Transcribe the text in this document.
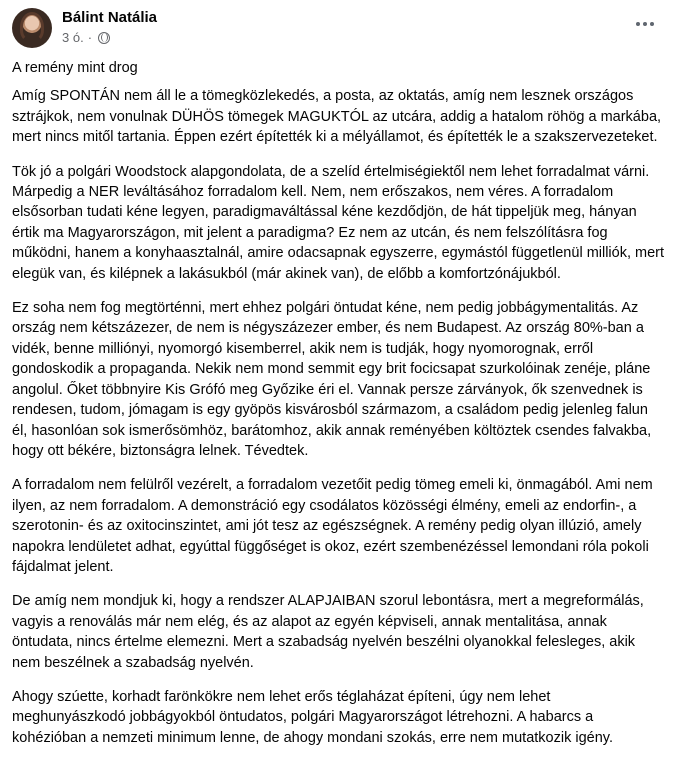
Bálint Natália
3 ó. ·

A remény mint drog

Amíg SPONTÁN nem áll le a tömegközlekedés, a posta, az oktatás, amíg nem lesznek országos sztrájkok, nem vonulnak DÜHÖS tömegek MAGUKTÓL az utcára, addig a hatalom röhög a markába, mert nincs mitől tartania. Éppen ezért építették ki a mélyállamot, és építették le a szakszervezeteket.

Tök jó a polgári Woodstock alapgondolata, de a szelíd értelmiségiektől nem lehet forradalmat várni. Márpedig a NER leváltásához forradalom kell. Nem, nem erőszakos, nem véres. A forradalom elsősorban tudati kéne legyen, paradigmaváltással kéne kezdődjön, de hát tippeljük meg, hányan értik ma Magyarországon, mit jelent a paradigma? Ez nem az utcán, és nem felszólításra fog működni, hanem a konyhaasztalnál, amire odacsapnak egyszerre, egymástól függetlenül milliók, mert elegük van, és kilépnek a lakásukból (már akinek van), de előbb a komfortzónájukból.

Ez soha nem fog megtörténni, mert ehhez polgári öntudat kéne, nem pedig jobbágymentalitás. Az ország nem kétszázezer, de nem is négyszázezer ember, és nem Budapest. Az ország 80%-ban a vidék, benne milliónyi, nyomorgó kisemberrel, akik nem is tudják, hogy nyomorognak, erről gondoskodik a propaganda. Nekik nem mond semmit egy brit focicsapat szurkolóinak zenéje, pláne angolul. Őket többnyire Kis Grófó meg Győzike éri el. Vannak persze zárványok, ők szenvednek is rendesen, tudom, jómagam is egy gyöpös kisvárosból származom, a családom pedig jelenleg falun él, hasonlóan sok ismerősömhöz, barátomhoz, akik annak reményében költöztek csendes falvakba, hogy ott békére, biztonságra lelnek. Tévedtek.

A forradalom nem felülről vezérelt, a forradalom vezetőit pedig tömeg emeli ki, önmagából. Ami nem ilyen, az nem forradalom. A demonstráció egy csodálatos közösségi élmény, emeli az endorfin-, a szerotonin- és az oxitocinszintet, ami jót tesz az egészségnek. A remény pedig olyan illúzió, amely napokra lendületet adhat, egyúttal függőséget is okoz, ezért szembenézéssel lemondani róla pokoli fájdalmat jelent.

De amíg nem mondjuk ki, hogy a rendszer ALAPJAIBAN szorul lebontásra, mert a megreformálás, vagyis a renoválás már nem elég, és az alapot az egyén képviseli, annak mentalitása, annak öntudata, nincs értelme elemezni. Mert a szabadság nyelvén beszélni olyanokkal felesleges, akik nem beszélnek a szabadság nyelvén.

Ahogy szúette, korhadt farönkökre nem lehet erős téglaházat építeni, úgy nem lehet meghunyászkodó jobbágyokból öntudatos, polgári Magyarországot létrehozni. A habarcs a kohézióban a nemzeti minimum lenne, de ahogy mondani szokás, erre nem mutatkozik igény.
